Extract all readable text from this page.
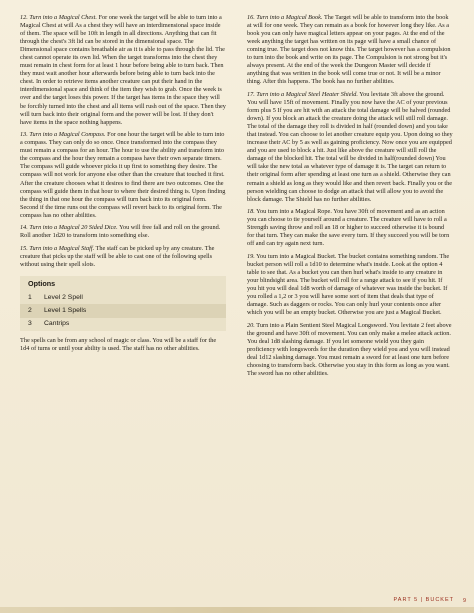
12. Turn into a Magical Chest. For one week the target will be able to turn into a Magical Chest at will As a chest they will have an interdimensional space inside of them. The space will be 10ft in length in all directions. Anything that can fit through the chest's 3ft lid can be stored in the dimensional space. The Dimensional space contains breathable air as it is able to pass through the lid. The chest cannot operate its own lid. When the target transforms into the chest they must remain in chest form for at least 1 hour before being able to turn back. Then they must wait another hour afterwards before being able to turn back into the chest. In order to retrieve items another creature can put their hand in the interdimensional space and think of the item they wish to grab. Once the week is over and the target loses this power. If the target has items in the space they will be forcibly turned into the chest and all items will rush out of the space. Then they will turn back into their original form and the power will be lost. If they don't have items in the space nothing happens.

13. Turn into a Magical Compass. For one hour the target will be able to turn into a compass. They can only do so once. Once transformed into the compass they must remain a compass for an hour. The hour to use the ability and transform into the compass and the hour they remain a compass have their own separate timers. The compass will guide whoever picks it up first to something they desire. The compass will not work for anyone else other than the creature that touched it first. After the creature chooses what it desires to find there are two outcomes. One the compass will guide them in that hour to where their desired thing is. Upon finding the thing in that one hour the compass will turn back into its original form. Second if the time runs out the compass will revert back to its original form. The compass has no other abilities.

14. Turn into a Magical 20 Sided Dice. You will free fall and roll on the ground. Roll another 1d20 to transform into something else.

15. Turn into a Magical Staff. The staff can be picked up by any creature. The creature that picks up the staff will be able to cast one of the following spells without using their spell slots.

Options
1	Level 2 Spell
2	Level 1 Spells
3	Cantrips

The spells can be from any school of magic or class. You will be a staff for the 1d4 of turns or until your ability is used. The staff has no other abilities.

16. Turn into a Magical Book. The Target will be able to transform into the book at will for one week. They can remain as a book for however long they like. As a book you can only have magical letters appear on your pages. At the end of the week anything the target has written on its page will have a small chance of coming true. The target does not know this. The target however has a compulsion to turn into the book and write on its page. The Compulsion is not strong but it's always present. At the end of the week the Dungeon Master will decide if anything that was written in the book will come true or not. It will be a minor thing. After this happens. The book has no further abilities.

17. Turn into a Magical Steel Heater Shield. You levitate 3ft above the ground. You will have 15ft of movement. Finally you now have the AC of your previous form plus 5 If you are hit with an attack the total damage will be halved (rounded down). If you block an attack the creature doing the attack will still roll damage. The total of the damage they roll is divided in half (rounded down) and you take that instead. You can choose to let another creature equip you. Upon doing so they increase their AC by 5 as well as gaining proficiency. Now once you are equipped and you are used to block a hit. Just like above the creature will still roll the damage of the blocked hit. The total will be divided in half(rounded down) You will take the new total as whatever type of damage it is. The target can return to their original form after spending at least one turn as a shield. Otherwise they can remain a shield as long as they would like and then revert back. Finally you or the person wielding can choose to dodge an attack that will allow you to avoid the block damage. The Shield has no further abilities.

18. You turn into a Magical Rope. You have 30ft of movement and as an action you can choose to tie yourself around a creature. The creature will have to roll a Strength saving throw and roll an 18 or higher to succeed otherwise it is bound for that turn. They can make the save every turn. If they succeed you will be torn off and can try again next turn.

19. You turn into a Magical Bucket. The bucket contains something random. The bucket person will roll a 1d10 to determine what's inside. Look at the option 4 table to see that. As a bucket you can then hurl what's inside to any creature in your blindsight area. The bucket will roll for a range attack to see if you hit. If you hit you will deal 1d8 worth of damage of whatever was inside the bucket. If you rolled a 1,2 or 3 you will have some sort of item that deals that type of damage. Such as daggers or rocks. You can only hurl your contents once after which you will be an empty bucket. Otherwise you are just a Magical Bucket.

20. Turn into a Plain Sentient Steel Magical Longsword. You levitate 2 feet above the ground and have 30ft of movement. You can only make a melee attack action. You deal 1d8 slashing damage. If you let someone wield you they gain proficiency with longswords for the duration they wield you and you will instead deal 1d12 slashing damage. You must remain a sword for at least one turn before choosing to transform back. Otherwise you stay in this form as long as you want. The sword has no other abilities.

PART 5 | BUCKET 9
